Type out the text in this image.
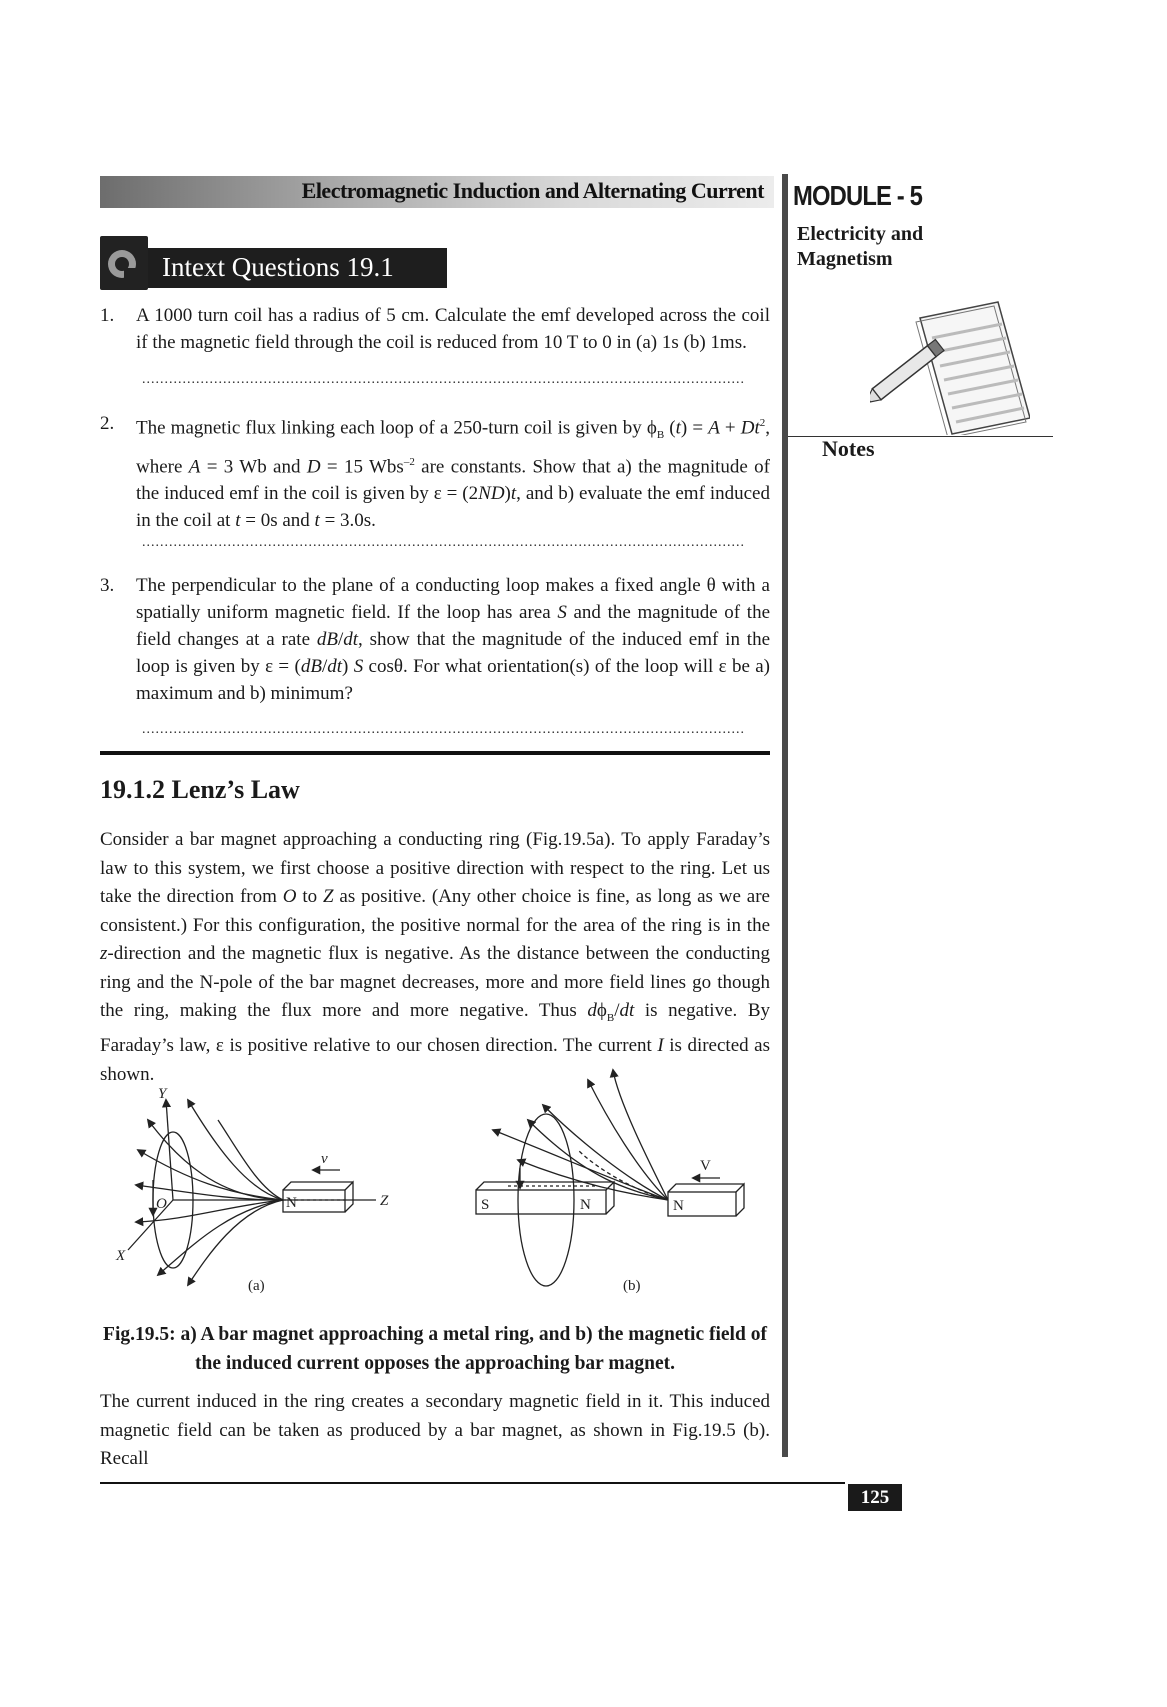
Electromagnetic Induction and Alternating Current MODULE - 5
Electricity and
Magnetism
Notes
Intext Questions 19.1
1. A 1000 turn coil has a radius of 5 cm. Calculate the emf developed across the coil if the magnetic field through the coil is reduced from 10 T to 0 in (a) 1s (b) 1ms.
......................................................................................................................................
2. The magnetic flux linking each loop of a 250-turn coil is given by $\phi_B$ $(t) = A + Dt^2$, where A = 3 Wb and D = 15 Wbs$^{-2}$ are constants. Show that a) the magnitude of the induced emf in the coil is given by ε = (2ND)t, and b) evaluate the emf induced in the coil at t = 0s and t = 3.0s.
......................................................................................................................................
3. The perpendicular to the plane of a conducting loop makes a fixed angle θ with a spatially uniform magnetic field. If the loop has area S and the magnitude of the field changes at a rate dB/dt, show that the magnitude of the induced emf in the loop is given by ε = (dB/dt) S cosθ. For what orientation(s) of the loop will ε be a) maximum and b) minimum?
......................................................................................................................................
19.1.2 Lenz’s Law
Consider a bar magnet approaching a conducting ring (Fig.19.5a). To apply Faraday’s law to this system, we first choose a positive direction with respect to the ring. Let us take the direction from O to Z as positive. (Any other choice is fine, as long as we are consistent.) For this configuration, the positive normal for the area of the ring is in the z-direction and the magnetic flux is negative. As the distance between the conducting ring and the N-pole of the bar magnet decreases, more and more field lines go though the ring, making the flux more and more negative. Thus $d\phi_B/dt$ is negative. By Faraday’s law, ε is positive relative to our chosen direction. The current I is directed as shown.
Y
X
O	Z
v
N
(a)
S	N	N
V
(b)
Fig.19.5: a) A bar magnet approaching a metal ring, and b) the magnetic field of
the induced current opposes the approaching bar magnet.
The current induced in the ring creates a secondary magnetic field in it. This induced magnetic field can be taken as produced by a bar magnet, as shown in Fig.19.5 (b). Recall
125
